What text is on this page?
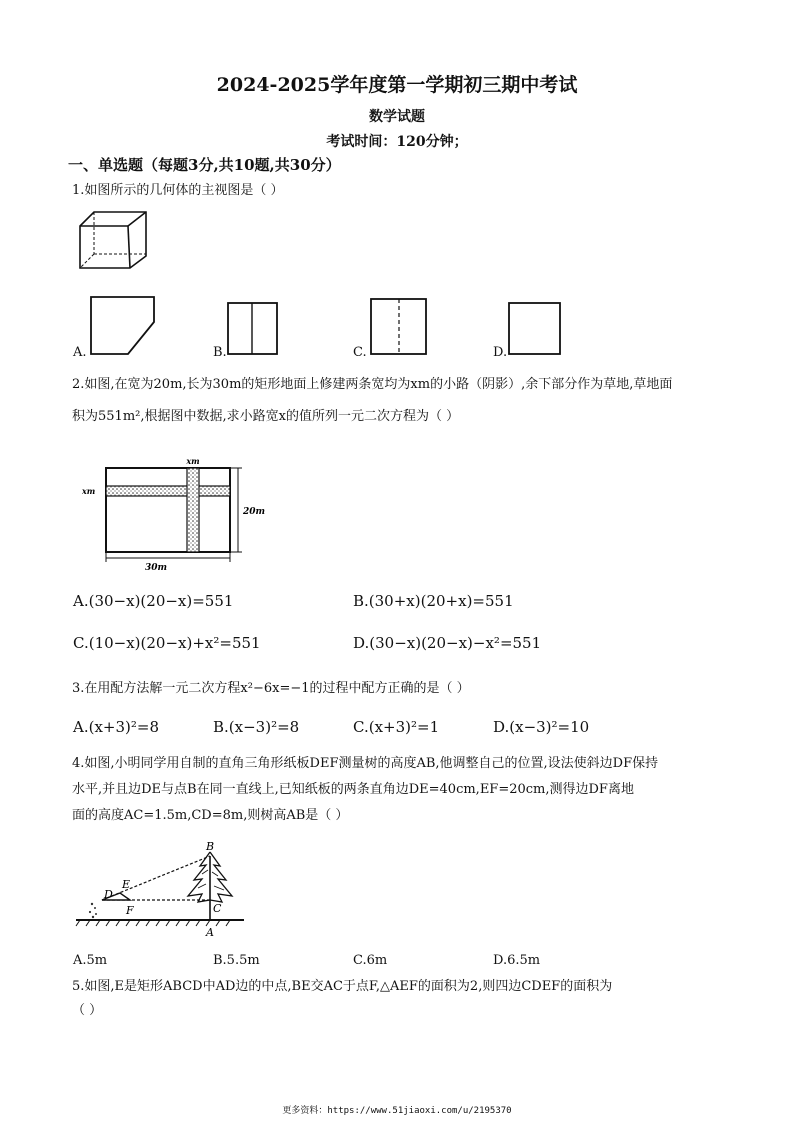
2024-2025学年度第一学期初三期中考试
数学试题
考试时间：120分钟；
一、单选题（每题3分,共10题,共30分）
1.如图所示的几何体的主视图是（ ）
A.	B.	C.	D.
2.如图,在宽为20m,长为30m的矩形地面上修建两条宽均为xm的小路（阴影）,余下部分作为草地,草地面
积为551m²,根据图中数据,求小路宽x的值所列一元二次方程为（ ）
xm
xm
20m
30m
A.(30−x)(20−x)=551	B.(30+x)(20+x)=551
C.(10−x)(20−x)+x²=551	D.(30−x)(20−x)−x²=551
3.在用配方法解一元二次方程x²−6x=−1的过程中配方正确的是（ ）
A.(x+3)²=8	B.(x−3)²=8	C.(x+3)²=1	D.(x−3)²=10
4.如图,小明同学用自制的直角三角形纸板DEF测量树的高度AB,他调整自己的位置,设法使斜边DF保持
水平,并且边DE与点B在同一直线上,已知纸板的两条直角边DE=40cm,EF=20cm,测得边DF离地
面的高度AC=1.5m,CD=8m,则树高AB是（ ）
B
D
E
F	C
A
A.5m	B.5.5m	C.6m	D.6.5m
5.如图,E是矩形ABCD中AD边的中点,BE交AC于点F,△AEF的面积为2,则四边CDEF的面积为
（ ）
更多资料：https://www.51jiaoxi.com/u/2195370
